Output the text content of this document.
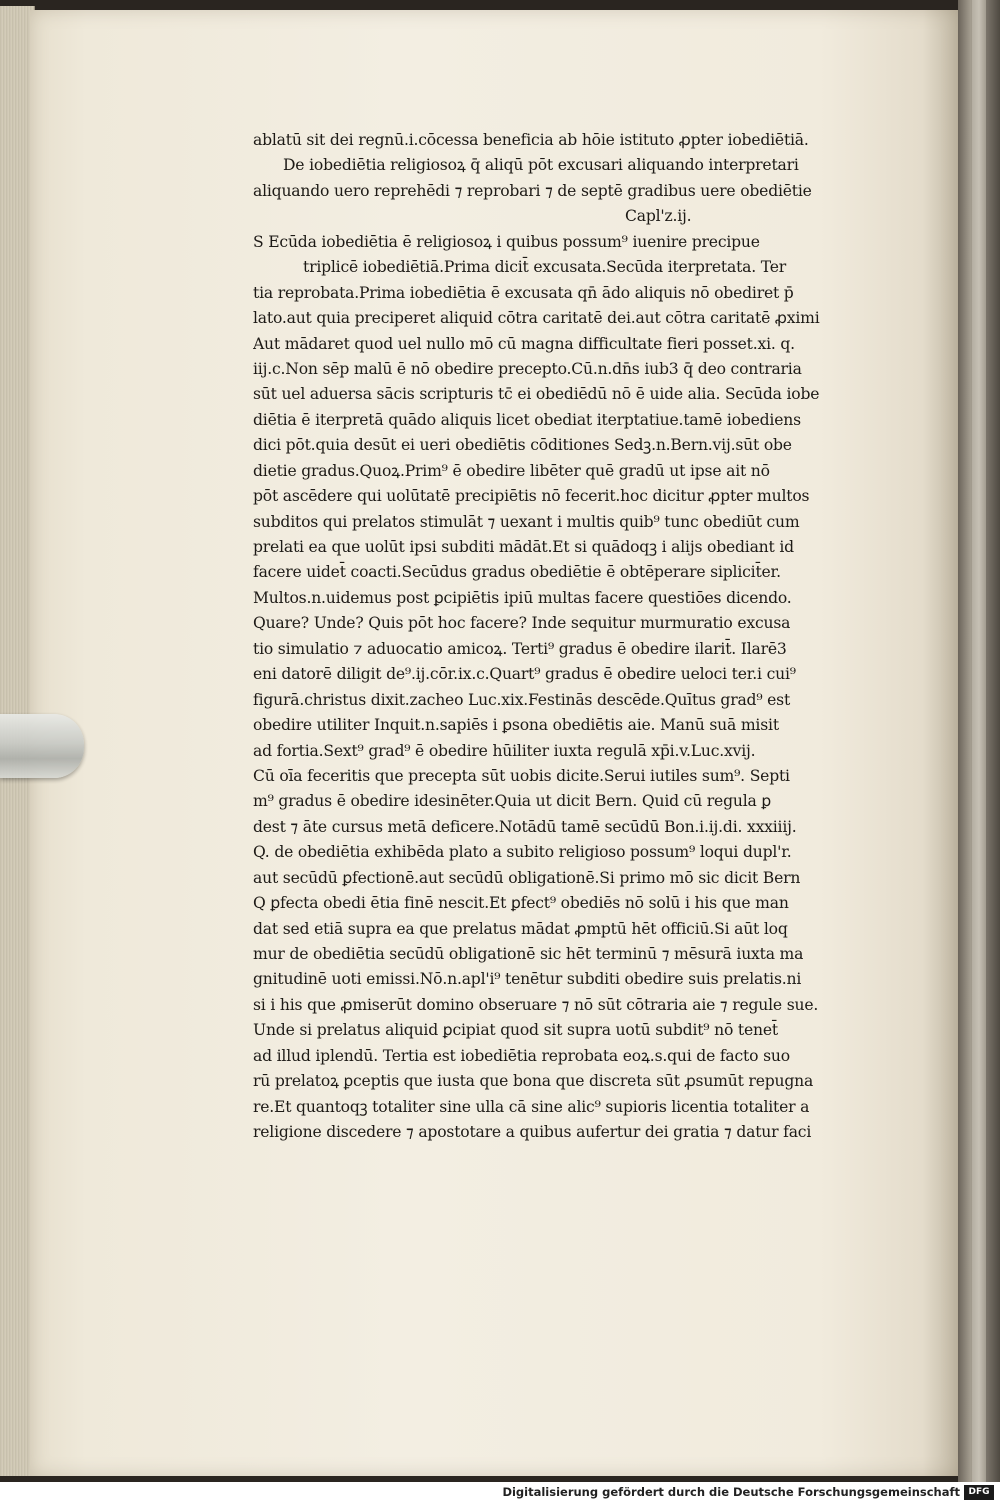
ablatū sit dei regnū.i.cōcessa beneficia ab hōie istituto ꝓpter iobediētiā.
De iobediētia religiosoꝝ q̄ aliqū pōt excusari aliquando interpretari
aliquando uero reprehēdi ⁊ reprobari ⁊ de septē gradibus uere obediētie
Capl'z.ij.
S Ecūda iobediētia ē religiosoꝝ i quibus possum⁹ iuenire precipue
triplicē iobediētiā.Prima dicit̄ excusata.Secūda iterpretata. Ter
tia reprobata.Prima iobediētia ē excusata qn̄ ādo aliquis nō obediret p̄
lato.aut quia preciperet aliquid cōtra caritatē dei.aut cōtra caritatē ꝓximi
Aut mādaret quod uel nullo mō cū magna difficultate fieri posset.xi. q.
iij.c.Non sēp malū ē nō obedire precepto.Cū.n.dn̄s iub3 q̄ deo contraria
sūt uel aduersa sācis scripturis tc̄ ei obediēdū nō ē uide alia. Secūda iobe
diētia ē iterpretā quādo aliquis licet obediat iterptatiue.tamē iobediens
dici pōt.quia desūt ei ueri obediētis cōditiones Sedꝫ.n.Bern.vij.sūt obe
dietie gradus.Quoꝝ.Prim⁹ ē obedire libēter quē gradū ut ipse ait nō
pōt ascēdere qui uolūtatē precipiētis nō fecerit.hoc dicitur ꝓpter multos
subditos qui prelatos stimulāt ⁊ uexant i multis quib⁹ tunc obediūt cum
prelati ea que uolūt ipsi subditi mādāt.Et si quādoqꝫ i alijs obediant id
facere uidet̄ coacti.Secūdus gradus obediētie ē obtēperare siplicit̄er.
Multos.n.uidemus post ꝑcipiētis ipiū multas facere questiōes dicendo.
Quare? Unde? Quis pōt hoc facere? Inde sequitur murmuratio excusa
tio simulatio ⁊ aduocatio amicoꝝ. Terti⁹ gradus ē obedire ilarit̄. Ilarē3
eni datorē diligit de⁹.ij.cōr.ix.c.Quart⁹ gradus ē obedire ueloci ter.i cui⁹
figurā.christus dixit.zacheo Luc.xix.Festinās descēde.Quītus grad⁹ est
obedire utiliter Inquit.n.sapiēs i ꝑsona obediētis aie. Manū suā misit
ad fortia.Sext⁹ grad⁹ ē obedire hūiliter iuxta regulā xp̄i.v.Luc.xvij.
Cū oīa feceritis que precepta sūt uobis dicite.Serui iutiles sum⁹. Septi
m⁹ gradus ē obedire idesinēter.Quia ut dicit Bern. Quid cū regula ꝑ
dest ⁊ āte cursus metā deficere.Notādū tamē secūdū Bon.i.ij.di. xxxiiij.
Q. de obediētia exhibēda plato a subito religioso possum⁹ loqui dupl'r.
aut secūdū ꝑfectionē.aut secūdū obligationē.Si primo mō sic dicit Bern
Q ꝑfecta obedi ētia finē nescit.Et ꝑfect⁹ obediēs nō solū i his que man
dat sed etiā supra ea que prelatus mādat ꝓmptū hēt officiū.Si aūt loq
mur de obediētia secūdū obligationē sic hēt terminū ⁊ mēsurā iuxta ma
gnitudinē uoti emissi.Nō.n.apl'i⁹ tenētur subditi obedire suis prelatis.ni
si i his que ꝓmiserūt domino obseruare ⁊ nō sūt cōtraria aie ⁊ regule sue.
Unde si prelatus aliquid ꝑcipiat quod sit supra uotū subdit⁹ nō tenet̄
ad illud iplendū. Tertia est iobediētia reprobata eoꝝ.s.qui de facto suo
rū prelatoꝝ ꝑceptis que iusta que bona que discreta sūt ꝓsumūt repugna
re.Et quantoqꝫ totaliter sine ulla cā sine alic⁹ supioris licentia totaliter a
religione discedere ⁊ apostotare a quibus aufertur dei gratia ⁊ datur faci
Digitalisierung gefördert durch die Deutsche Forschungsgemeinschaft DFG
